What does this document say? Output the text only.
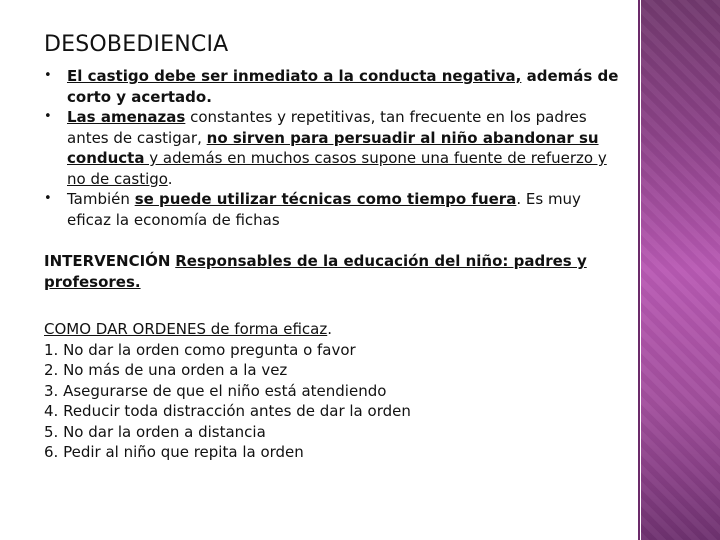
DESOBEDIENCIA
• El castigo debe ser inmediato a la conducta negativa, además de corto y acertado.
• Las amenazas constantes y repetitivas, tan frecuente en los padres antes de castigar, no sirven para persuadir al niño abandonar su conducta y además en muchos casos supone una fuente de refuerzo y no de castigo.
• También se puede utilizar técnicas como tiempo fuera. Es muy eficaz la economía de fichas
INTERVENCIÓN Responsables de la educación del niño: padres y profesores.
COMO DAR ORDENES de forma eficaz.
1. No dar la orden como pregunta o favor
2. No más de una orden a la vez
3. Asegurarse de que el niño está atendiendo
4. Reducir toda distracción antes de dar la orden
5. No dar la orden a distancia
6. Pedir al niño que repita la orden
